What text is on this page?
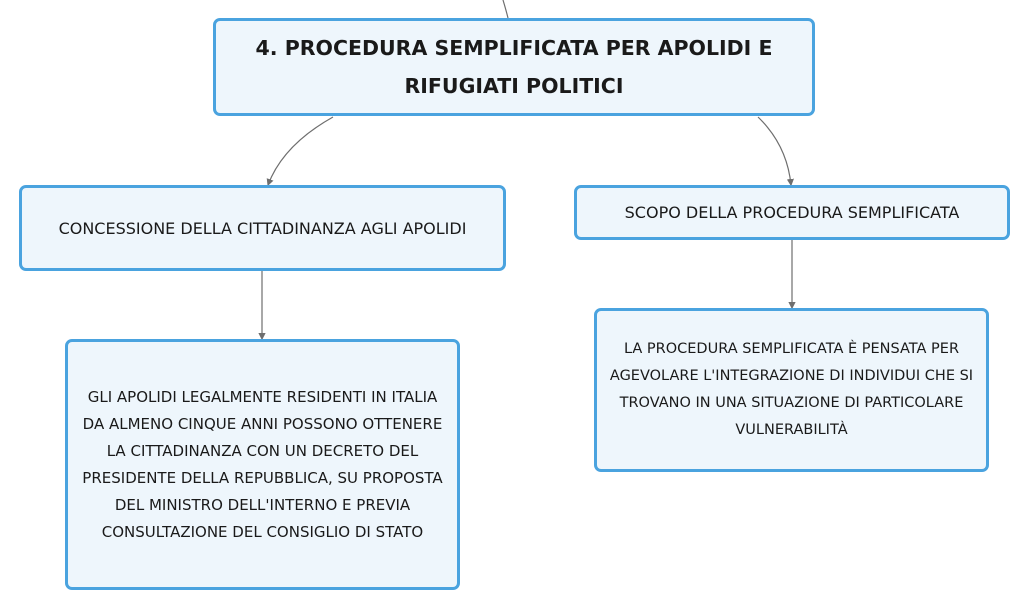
4. PROCEDURA SEMPLIFICATA PER APOLIDI E RIFUGIATI POLITICI
CONCESSIONE DELLA CITTADINANZA AGLI APOLIDI
SCOPO DELLA PROCEDURA SEMPLIFICATA
GLI APOLIDI LEGALMENTE RESIDENTI IN ITALIA DA ALMENO CINQUE ANNI POSSONO OTTENERE LA CITTADINANZA CON UN DECRETO DEL PRESIDENTE DELLA REPUBBLICA, SU PROPOSTA DEL MINISTRO DELL'INTERNO E PREVIA CONSULTAZIONE DEL CONSIGLIO DI STATO
LA PROCEDURA SEMPLIFICATA È PENSATA PER AGEVOLARE L'INTEGRAZIONE DI INDIVIDUI CHE SI TROVANO IN UNA SITUAZIONE DI PARTICOLARE VULNERABILITÀ
